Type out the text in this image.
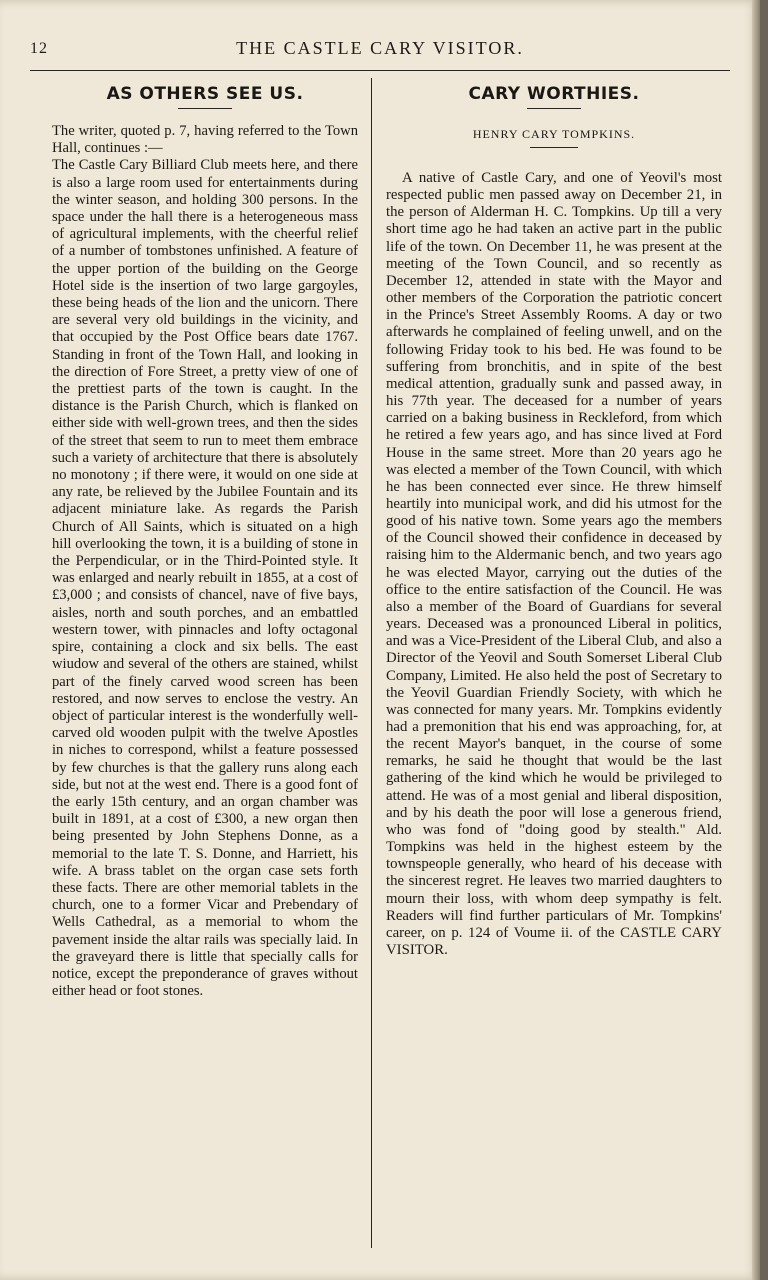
12	THE CASTLE CARY VISITOR.
AS OTHERS SEE US.

The writer, quoted p. 7, having referred to the Town Hall, continues :—

The Castle Cary Billiard Club meets here, and there is also a large room used for entertainments during the winter season, and holding 300 persons. In the space under the hall there is a heterogeneous mass of agricultural implements, with the cheerful relief of a number of tombstones unfinished. A feature of the upper portion of the building on the George Hotel side is the insertion of two large gargoyles, these being heads of the lion and the unicorn. There are several very old buildings in the vicinity, and that occupied by the Post Office bears date 1767. Standing in front of the Town Hall, and looking in the direction of Fore Street, a pretty view of one of the prettiest parts of the town is caught. In the distance is the Parish Church, which is flanked on either side with well-grown trees, and then the sides of the street that seem to run to meet them embrace such a variety of architecture that there is absolutely no monotony ; if there were, it would on one side at any rate, be relieved by the Jubilee Fountain and its adjacent miniature lake. As regards the Parish Church of All Saints, which is situated on a high hill overlooking the town, it is a building of stone in the Perpendicular, or in the Third-Pointed style. It was enlarged and nearly rebuilt in 1855, at a cost of £3,000 ; and consists of chancel, nave of five bays, aisles, north and south porches, and an embattled western tower, with pinnacles and lofty octagonal spire, containing a clock and six bells. The east wiudow and several of the others are stained, whilst part of the finely carved wood screen has been restored, and now serves to enclose the vestry. An object of particular interest is the wonderfully well-carved old wooden pulpit with the twelve Apostles in niches to correspond, whilst a feature possessed by few churches is that the gallery runs along each side, but not at the west end. There is a good font of the early 15th century, and an organ chamber was built in 1891, at a cost of £300, a new organ then being presented by John Stephens Donne, as a memorial to the late T. S. Donne, and Harriett, his wife. A brass tablet on the organ case sets forth these facts. There are other memorial tablets in the church, one to a former Vicar and Prebendary of Wells Cathedral, as a memorial to whom the pavement inside the altar rails was specially laid. In the graveyard there is little that specially calls for notice, except the preponderance of graves without either head or foot stones.

CARY WORTHIES.
HENRY CARY TOMPKINS.

A native of Castle Cary, and one of Yeovil's most respected public men passed away on December 21, in the person of Alderman H. C. Tompkins. Up till a very short time ago he had taken an active part in the public life of the town. On December 11, he was present at the meeting of the Town Council, and so recently as December 12, attended in state with the Mayor and other members of the Corporation the patriotic concert in the Prince's Street Assembly Rooms. A day or two afterwards he complained of feeling unwell, and on the following Friday took to his bed. He was found to be suffering from bronchitis, and in spite of the best medical attention, gradually sunk and passed away, in his 77th year. The deceased for a number of years carried on a baking business in Reckleford, from which he retired a few years ago, and has since lived at Ford House in the same street. More than 20 years ago he was elected a member of the Town Council, with which he has been connected ever since. He threw himself heartily into municipal work, and did his utmost for the good of his native town. Some years ago the members of the Council showed their confidence in deceased by raising him to the Aldermanic bench, and two years ago he was elected Mayor, carrying out the duties of the office to the entire satisfaction of the Council. He was also a member of the Board of Guardians for several years. Deceased was a pronounced Liberal in politics, and was a Vice-President of the Liberal Club, and also a Director of the Yeovil and South Somerset Liberal Club Company, Limited. He also held the post of Secretary to the Yeovil Guardian Friendly Society, with which he was connected for many years. Mr. Tompkins evidently had a premonition that his end was approaching, for, at the recent Mayor's banquet, in the course of some remarks, he said he thought that would be the last gathering of the kind which he would be privileged to attend. He was of a most genial and liberal disposition, and by his death the poor will lose a generous friend, who was fond of "doing good by stealth." Ald. Tompkins was held in the highest esteem by the townspeople generally, who heard of his decease with the sincerest regret. He leaves two married daughters to mourn their loss, with whom deep sympathy is felt. Readers will find further particulars of Mr. Tompkins' career, on p. 124 of Voume ii. of the CASTLE CARY VISITOR.
